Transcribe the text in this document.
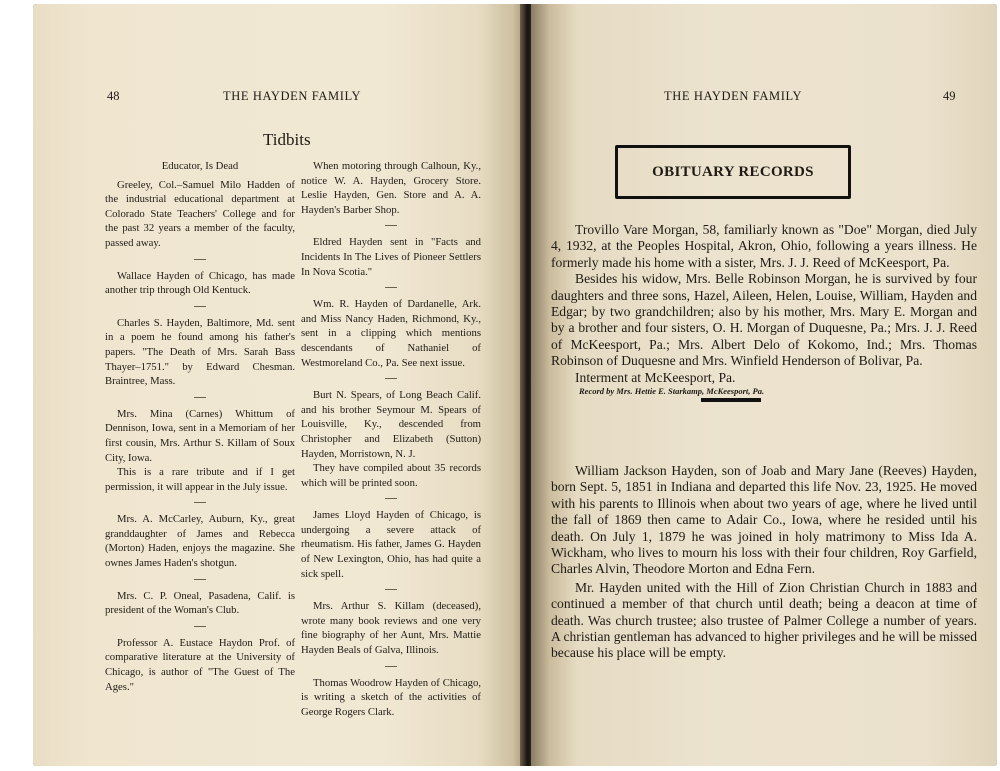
48	THE HAYDEN FAMILY
Tidbits

Educator, Is Dead

Greeley, Col.–Samuel Milo Hadden of the industrial educational department at Colorado State Teachers' College and for the past 32 years a member of the faculty, passed away.

Wallace Hayden of Chicago, has made another trip through Old Kentuck.

Charles S. Hayden, Baltimore, Md. sent in a poem he found among his father's papers. "The Death of Mrs. Sarah Bass Thayer–1751." by Edward Chesman. Braintree, Mass.

Mrs. Mina (Carnes) Whittum of Dennison, Iowa, sent in a Memoriam of her first cousin, Mrs. Arthur S. Killam of Soux City, Iowa.

This is a rare tribute and if I get permission, it will appear in the July issue.

Mrs. A. McCarley, Auburn, Ky., great granddaughter of James and Rebecca (Morton) Haden, enjoys the magazine. She ownes James Haden's shotgun.

Mrs. C. P. Oneal, Pasadena, Calif. is president of the Woman's Club.

Professor A. Eustace Haydon Prof. of comparative literature at the University of Chicago, is author of "The Guest of The Ages."

When motoring through Calhoun, Ky., notice W. A. Hayden, Grocery Store. Leslie Hayden, Gen. Store and A. A. Hayden's Barber Shop.

Eldred Hayden sent in "Facts and Incidents In The Lives of Pioneer Settlers In Nova Scotia."

Wm. R. Hayden of Dardanelle, Ark. and Miss Nancy Haden, Richmond, Ky., sent in a clipping which mentions descendants of Nathaniel of Westmoreland Co., Pa. See next issue.

Burt N. Spears, of Long Beach Calif. and his brother Seymour M. Spears of Louisville, Ky., descended from Christopher and Elizabeth (Sutton) Hayden, Morristown, N. J.

They have compiled about 35 records which will be printed soon.

James Lloyd Hayden of Chicago, is undergoing a severe attack of rheumatism. His father, James G. Hayden of New Lexington, Ohio, has had quite a sick spell.

Mrs. Arthur S. Killam (deceased), wrote many book reviews and one very fine biography of her Aunt, Mrs. Mattie Hayden Beals of Galva, Illinois.

Thomas Woodrow Hayden of Chicago, is writing a sketch of the activities of George Rogers Clark.

THE HAYDEN FAMILY	49
OBITUARY RECORDS

Trovillo Vare Morgan, 58, familiarly known as "Doe" Morgan, died July 4, 1932, at the Peoples Hospital, Akron, Ohio, following a years illness. He formerly made his home with a sister, Mrs. J. J. Reed of McKeesport, Pa.

Besides his widow, Mrs. Belle Robinson Morgan, he is survived by four daughters and three sons, Hazel, Aileen, Helen, Louise, William, Hayden and Edgar; by two grandchildren; also by his mother, Mrs. Mary E. Morgan and by a brother and four sisters, O. H. Morgan of Duquesne, Pa.; Mrs. J. J. Reed of McKeesport, Pa.; Mrs. Albert Delo of Kokomo, Ind.; Mrs. Thomas Robinson of Duquesne and Mrs. Winfield Henderson of Bolivar, Pa.

Interment at McKeesport, Pa.

Record by Mrs. Hettie E. Starkamp, McKeesport, Pa.

William Jackson Hayden, son of Joab and Mary Jane (Reeves) Hayden, born Sept. 5, 1851 in Indiana and departed this life Nov. 23, 1925. He moved with his parents to Illinois when about two years of age, where he lived until the fall of 1869 then came to Adair Co., Iowa, where he resided until his death. On July 1, 1879 he was joined in holy matrimony to Miss Ida A. Wickham, who lives to mourn his loss with their four children, Roy Garfield, Charles Alvin, Theodore Morton and Edna Fern.

Mr. Hayden united with the Hill of Zion Christian Church in 1883 and continued a member of that church until death; being a deacon at time of death. Was church trustee; also trustee of Palmer College a number of years. A christian gentleman has advanced to higher privileges and he will be missed because his place will be empty.
